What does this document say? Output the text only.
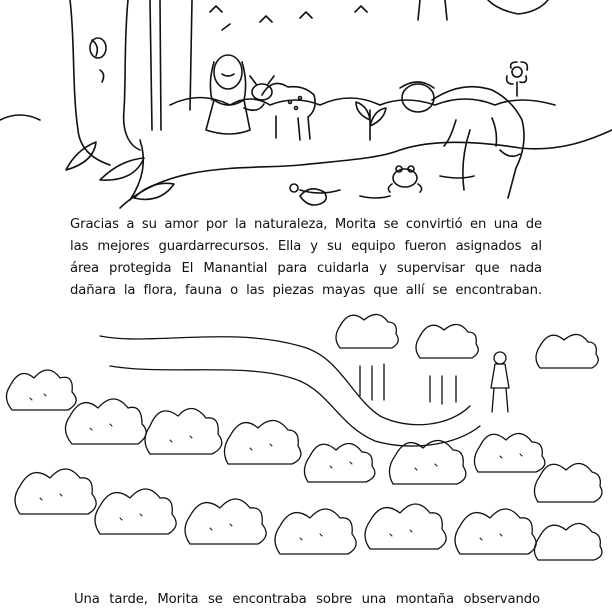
Gracias a su amor por la naturaleza, Morita se convirtió en una de
las mejores guardarrecursos. Ella y su equipo fueron asignados al
área protegida El Manantial para cuidarla y supervisar que nada
dañara la flora, fauna o las piezas mayas que allí se encontraban.
Una tarde, Morita se encontraba sobre una montaña observando
